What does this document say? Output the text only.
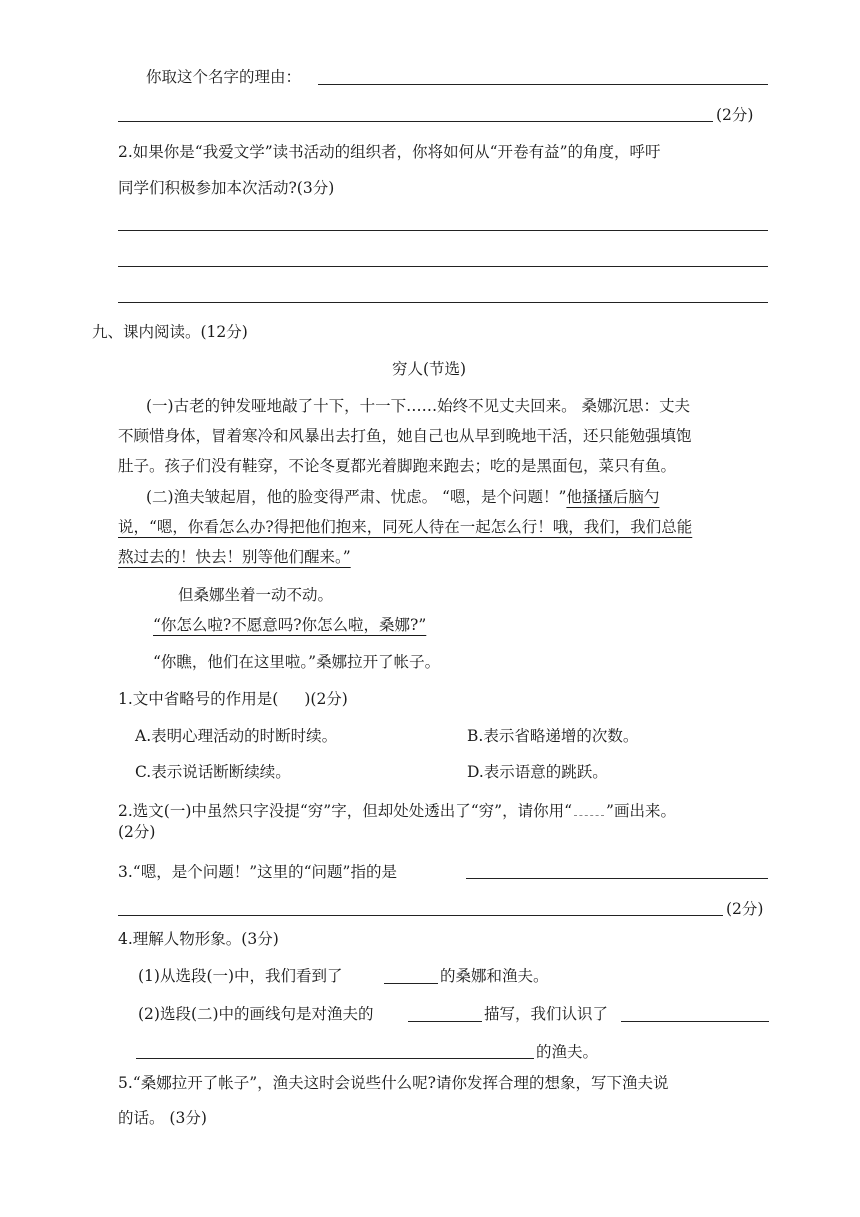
你取这个名字的理由：
(2分)
2.如果你是“我爱文学”读书活动的组织者，你将如何从“开卷有益”的角度，呼吁
同学们积极参加本次活动?(3分)
九、课内阅读。(12分)
穷人(节选)
(一)古老的钟发哑地敲了十下，十一下……始终不见丈夫回来。 桑娜沉思：丈夫
不顾惜身体，冒着寒冷和风暴出去打鱼，她自己也从早到晚地干活，还只能勉强填饱
肚子。孩子们没有鞋穿，不论冬夏都光着脚跑来跑去；吃的是黑面包，菜只有鱼。
(二)渔夫皱起眉，他的脸变得严肃、忧虑。 “嗯，是个问题！”他搔搔后脑勺
说，“嗯，你看怎么办?得把他们抱来，同死人待在一起怎么行！哦，我们，我们总能
熬过去的！快去！别等他们醒来。”
但桑娜坐着一动不动。
“你怎么啦?不愿意吗?你怎么啦，桑娜?”
“你瞧，他们在这里啦。”桑娜拉开了帐子。
1.文中省略号的作用是( )(2分)
A.表明心理活动的时断时续。	B.表示省略递增的次数。
C.表示说话断断续续。	D.表示语意的跳跃。
2.选文(一)中虽然只字没提“穷”字，但却处处透出了“穷”，请你用“ ”画出来。
(2分)
3.“嗯，是个问题！”这里的“问题”指的是
(2分)
4.理解人物形象。(3分)
(1)从选段(一)中，我们看到了	的桑娜和渔夫。
(2)选段(二)中的画线句是对渔夫的	描写，我们认识了
的渔夫。
5.“桑娜拉开了帐子”，渔夫这时会说些什么呢?请你发挥合理的想象，写下渔夫说
的话。 (3分)
